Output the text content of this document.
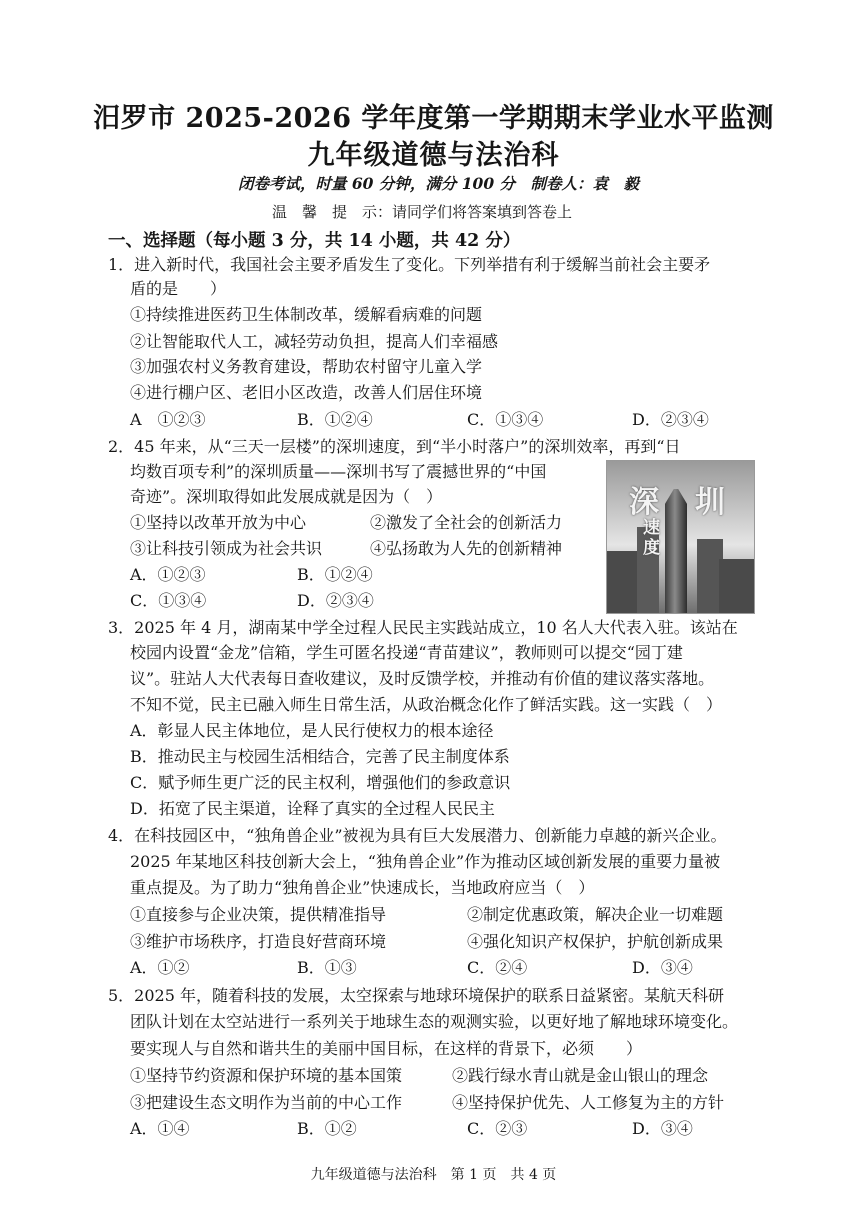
汨罗市 2025-2026 学年度第一学期期末学业水平监测
九年级道德与法治科
闭卷考试，时量 60 分钟，满分 100 分　制卷人：袁　毅
温　馨　提　示：请同学们将答案填到答卷上
一、选择题（每小题 3 分，共 14 小题，共 42 分）
1．进入新时代，我国社会主要矛盾发生了变化。下列举措有利于缓解当前社会主要矛
盾的是　　）
①持续推进医药卫生体制改革，缓解看病难的问题
②让智能取代人工，减轻劳动负担，提高人们幸福感
③加强农村义务教育建设，帮助农村留守儿童入学
④进行棚户区、老旧小区改造，改善人们居住环境
A　①②③	B．①②④	C．①③④	D．②③④
2．45 年来，从“三天一层楼”的深圳速度，到“半小时落户”的深圳效率，再到“日
均数百项专利”的深圳质量——深圳书写了震撼世界的“中国
奇迹”。深圳取得如此发展成就是因为（　）
①坚持以改革开放为中心	②激发了全社会的创新活力
③让科技引领成为社会共识	④弘扬敢为人先的创新精神
A．①②③	B．①②④
C．①③④	D．②③④
深 圳
速
度
3．2025 年 4 月，湖南某中学全过程人民民主实践站成立，10 名人大代表入驻。该站在
校园内设置“金龙”信箱，学生可匿名投递“青苗建议”，教师则可以提交“园丁建
议”。驻站人大代表每日查收建议，及时反馈学校，并推动有价值的建议落实落地。
不知不觉，民主已融入师生日常生活，从政治概念化作了鲜活实践。这一实践（　）
A．彰显人民主体地位，是人民行使权力的根本途径
B．推动民主与校园生活相结合，完善了民主制度体系
C．赋予师生更广泛的民主权利，增强他们的参政意识
D．拓宽了民主渠道，诠释了真实的全过程人民民主
4．在科技园区中，“独角兽企业”被视为具有巨大发展潜力、创新能力卓越的新兴企业。
2025 年某地区科技创新大会上，“独角兽企业”作为推动区域创新发展的重要力量被
重点提及。为了助力“独角兽企业”快速成长，当地政府应当（　）
①直接参与企业决策，提供精准指导	②制定优惠政策，解决企业一切难题
③维护市场秩序，打造良好营商环境	④强化知识产权保护，护航创新成果
A．①②	B．①③	C．②④	D．③④
5．2025 年，随着科技的发展，太空探索与地球环境保护的联系日益紧密。某航天科研
团队计划在太空站进行一系列关于地球生态的观测实验，以更好地了解地球环境变化。
要实现人与自然和谐共生的美丽中国目标，在这样的背景下，必须　　）
①坚持节约资源和保护环境的基本国策	②践行绿水青山就是金山银山的理念
③把建设生态文明作为当前的中心工作	④坚持保护优先、人工修复为主的方针
A．①④	B．①②	C．②③	D．③④
九年级道德与法治科　第 1 页　共 4 页
